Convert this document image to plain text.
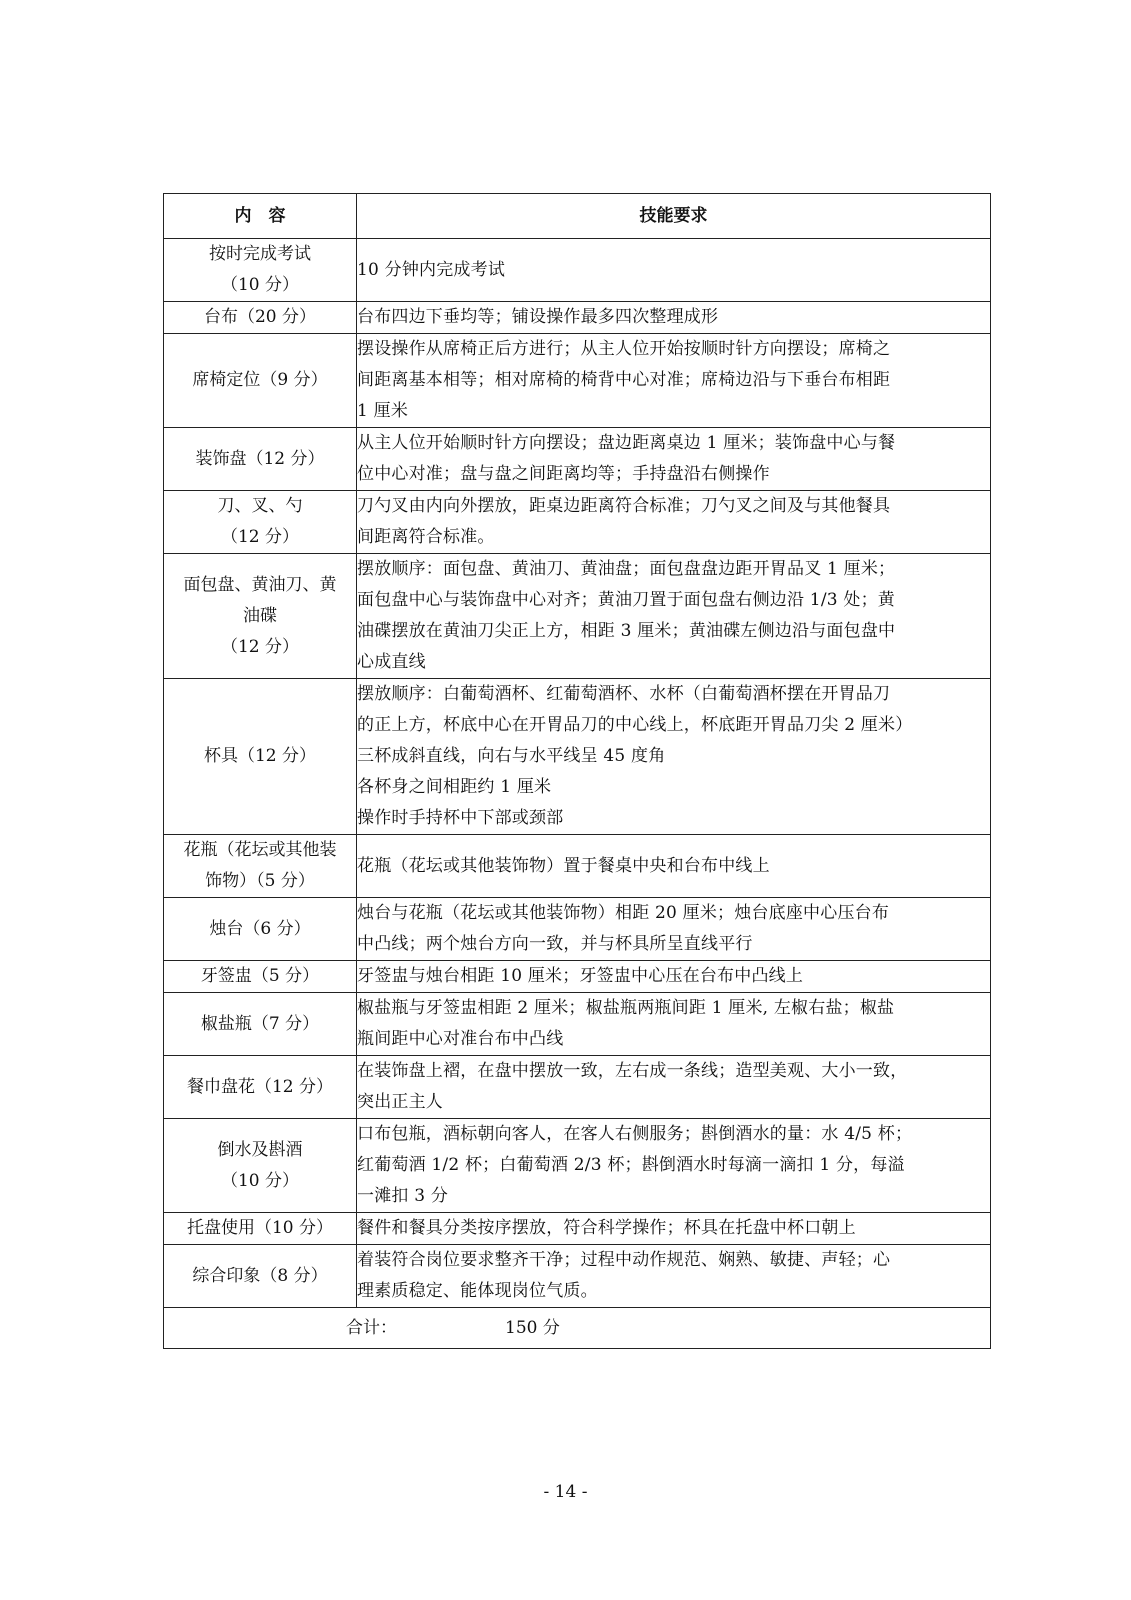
内　容	技能要求

按时完成考试
（10 分）	10 分钟内完成考试

台布（20 分）	台布四边下垂均等；铺设操作最多四次整理成形

席椅定位（9 分）	摆设操作从席椅正后方进行；从主人位开始按顺时针方向摆设；席椅之
间距离基本相等；相对席椅的椅背中心对准；席椅边沿与下垂台布相距
1 厘米

装饰盘（12 分）	从主人位开始顺时针方向摆设；盘边距离桌边 1 厘米；装饰盘中心与餐
位中心对准；盘与盘之间距离均等；手持盘沿右侧操作

刀、叉、勺
（12 分）	刀勺叉由内向外摆放，距桌边距离符合标准；刀勺叉之间及与其他餐具
间距离符合标准。

面包盘、黄油刀、黄
油碟
（12 分）	摆放顺序：面包盘、黄油刀、黄油盘；面包盘盘边距开胃品叉 1 厘米；
面包盘中心与装饰盘中心对齐；黄油刀置于面包盘右侧边沿 1/3 处；黄
油碟摆放在黄油刀尖正上方，相距 3 厘米；黄油碟左侧边沿与面包盘中
心成直线

杯具（12 分）	摆放顺序：白葡萄酒杯、红葡萄酒杯、水杯（白葡萄酒杯摆在开胃品刀
的正上方，杯底中心在开胃品刀的中心线上，杯底距开胃品刀尖 2 厘米）
三杯成斜直线，向右与水平线呈 45 度角
各杯身之间相距约 1 厘米
操作时手持杯中下部或颈部

花瓶（花坛或其他装
饰物）（5 分）	花瓶（花坛或其他装饰物）置于餐桌中央和台布中线上

烛台（6 分）	烛台与花瓶（花坛或其他装饰物）相距 20 厘米；烛台底座中心压台布
中凸线；两个烛台方向一致，并与杯具所呈直线平行

牙签盅（5 分）	牙签盅与烛台相距 10 厘米；牙签盅中心压在台布中凸线上

椒盐瓶（7 分）	椒盐瓶与牙签盅相距 2 厘米；椒盐瓶两瓶间距 1 厘米, 左椒右盐；椒盐
瓶间距中心对准台布中凸线

餐巾盘花（12 分）	在装饰盘上褶，在盘中摆放一致，左右成一条线；造型美观、大小一致，
突出正主人

倒水及斟酒
（10 分）	口布包瓶，酒标朝向客人，在客人右侧服务；斟倒酒水的量：水 4/5 杯；
红葡萄酒 1/2 杯；白葡萄酒 2/3 杯；斟倒酒水时每滴一滴扣 1 分，每溢
一滩扣 3 分

托盘使用（10 分）	餐件和餐具分类按序摆放，符合科学操作；杯具在托盘中杯口朝上

综合印象（8 分）	着装符合岗位要求整齐干净；过程中动作规范、娴熟、敏捷、声轻；心
理素质稳定、能体现岗位气质。

合计： 150 分	
- 14 -
